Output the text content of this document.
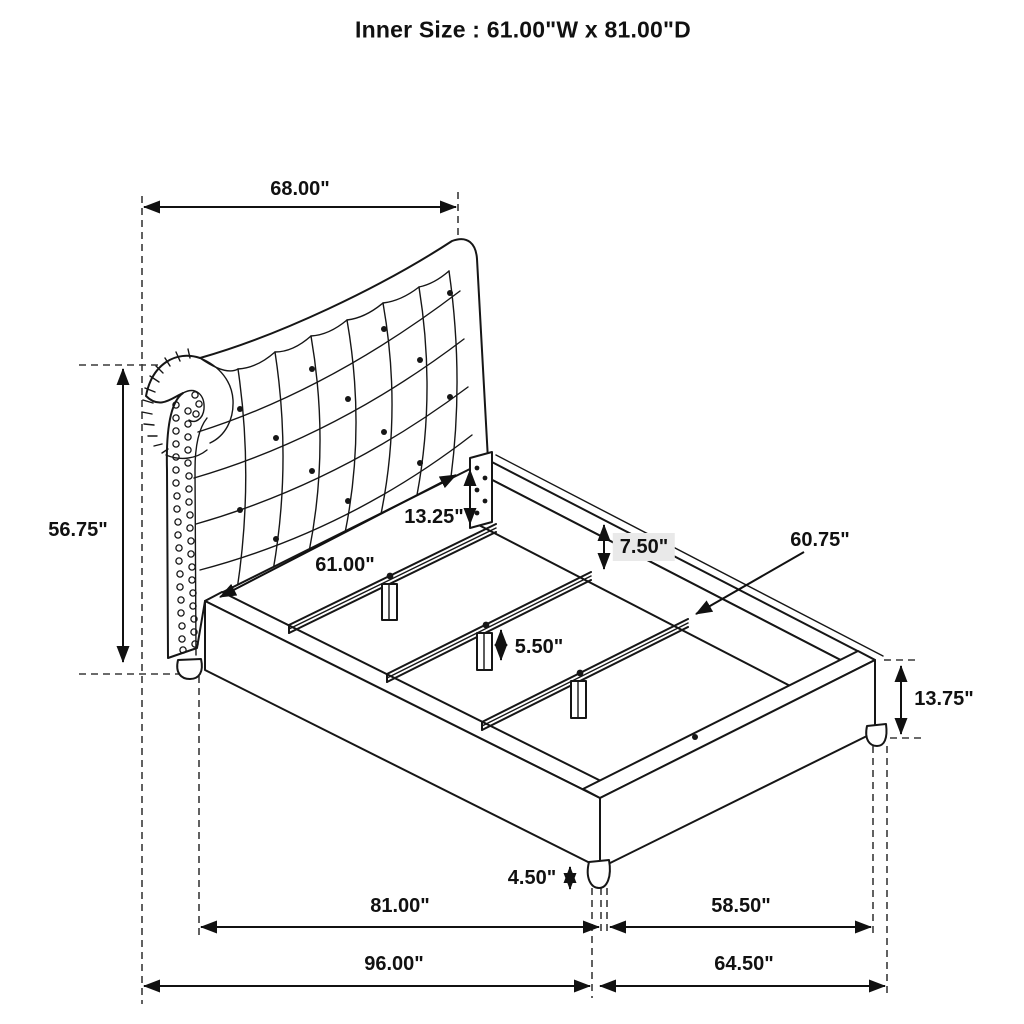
Inner Size : 61.00"W x 81.00"D
68.00"
56.75"
13.25"
61.00"
7.50"	60.75"
5.50"
13.75"
4.50"
81.00"	58.50"
96.00"	64.50"
